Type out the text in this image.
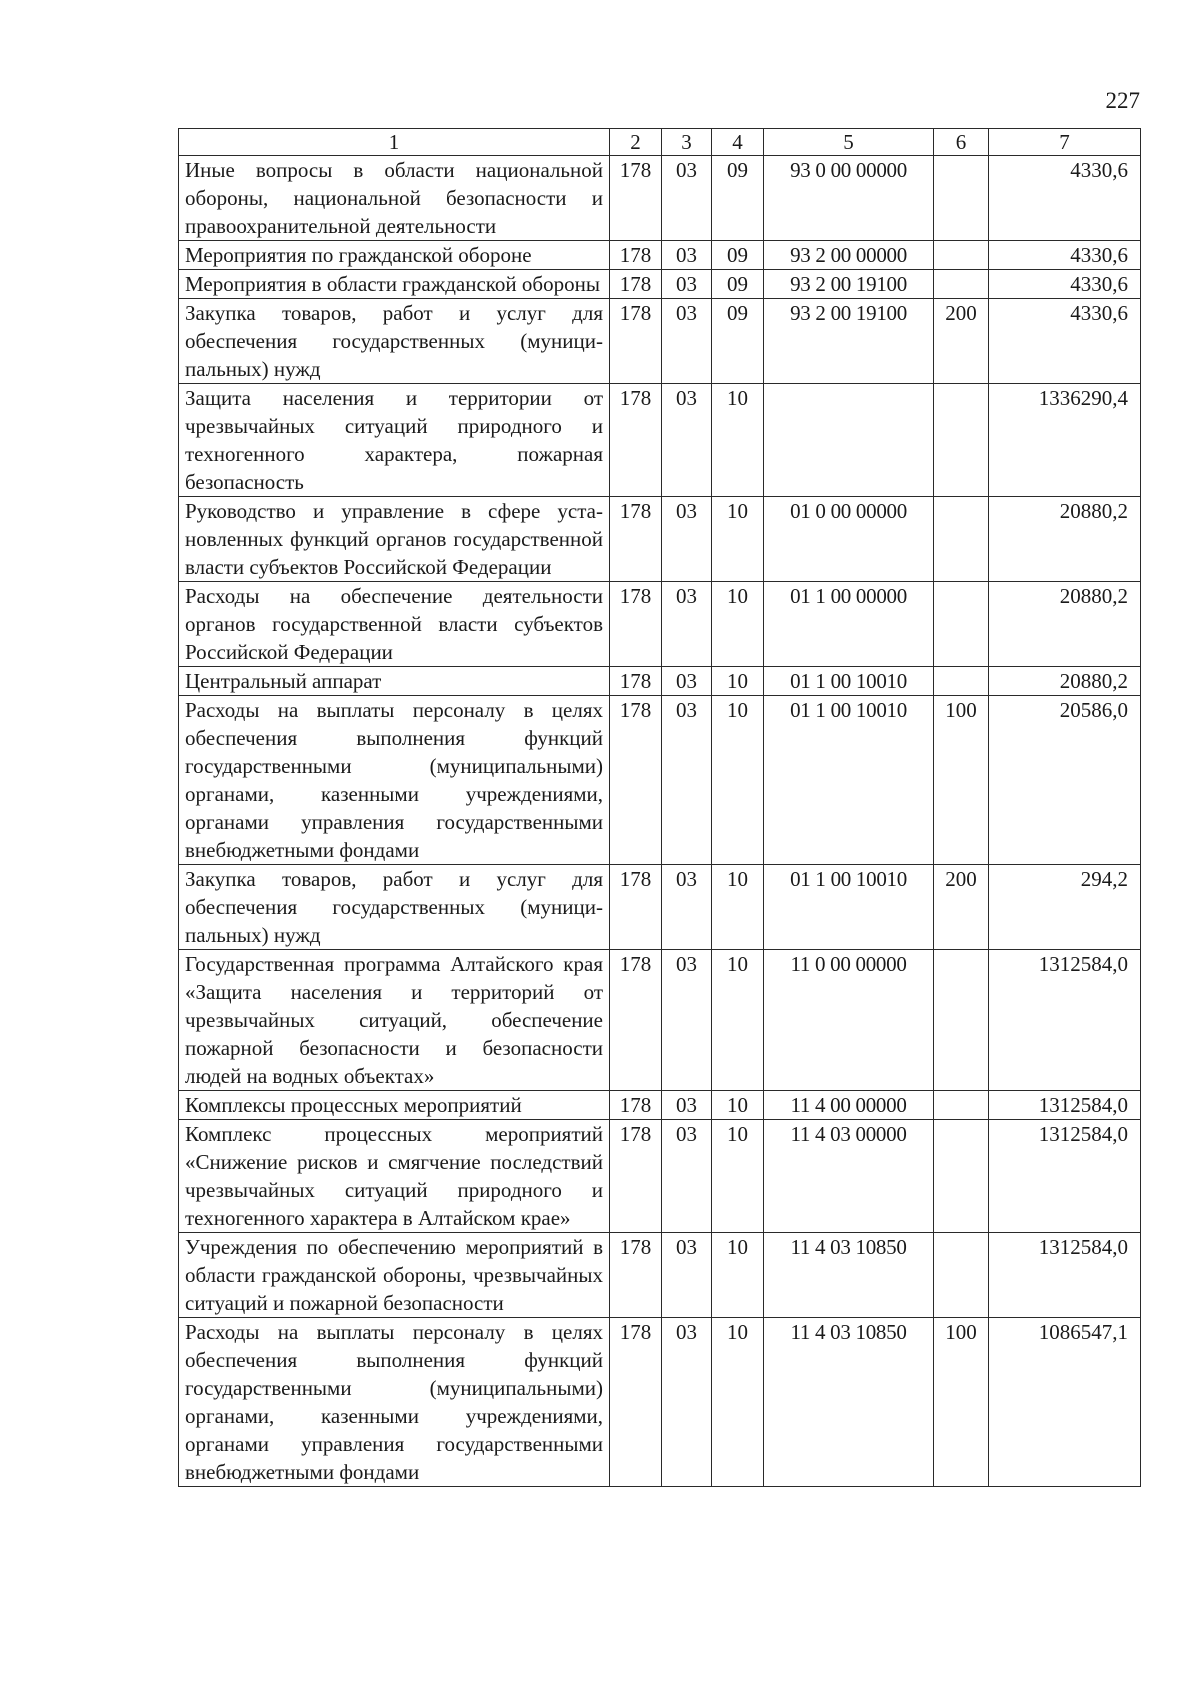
227
1	2	3	4	5	6	7
Иные вопросы в области национальной обороны, национальной безопасности и правоохранительной деятельности	178	03	09	93 0 00 00000		4330,6
Мероприятия по гражданской обороне	178	03	09	93 2 00 00000		4330,6
Мероприятия в области гражданской обороны	178	03	09	93 2 00 19100		4330,6
Закупка товаров, работ и услуг для обеспечения государственных (муниципальных) нужд	178	03	09	93 2 00 19100	200	4330,6
Защита населения и территории от чрезвычайных ситуаций природного и техногенного характера, пожарная безопасность	178	03	10			1336290,4
Руководство и управление в сфере установленных функций органов государственной власти субъектов Российской Федерации	178	03	10	01 0 00 00000		20880,2
Расходы на обеспечение деятельности органов государственной власти субъектов Российской Федерации	178	03	10	01 1 00 00000		20880,2
Центральный аппарат	178	03	10	01 1 00 10010		20880,2
Расходы на выплаты персоналу в целях обеспечения выполнения функций государственными (муниципальными) органами, казенными учреждениями, органами управления государственными внебюджетными фондами	178	03	10	01 1 00 10010	100	20586,0
Закупка товаров, работ и услуг для обеспечения государственных (муниципальных) нужд	178	03	10	01 1 00 10010	200	294,2
Государственная программа Алтайского края «Защита населения и территорий от чрезвычайных ситуаций, обеспечение пожарной безопасности и безопасности людей на водных объектах»	178	03	10	11 0 00 00000		1312584,0
Комплексы процессных мероприятий	178	03	10	11 4 00 00000		1312584,0
Комплекс процессных мероприятий «Снижение рисков и смягчение последствий чрезвычайных ситуаций природного и техногенного характера в Алтайском крае»	178	03	10	11 4 03 00000		1312584,0
Учреждения по обеспечению мероприятий в области гражданской обороны, чрезвычайных ситуаций и пожарной безопасности	178	03	10	11 4 03 10850		1312584,0
Расходы на выплаты персоналу в целях обеспечения выполнения функций государственными (муниципальными) органами, казенными учреждениями, органами управления государственными внебюджетными фондами	178	03	10	11 4 03 10850	100	1086547,1
